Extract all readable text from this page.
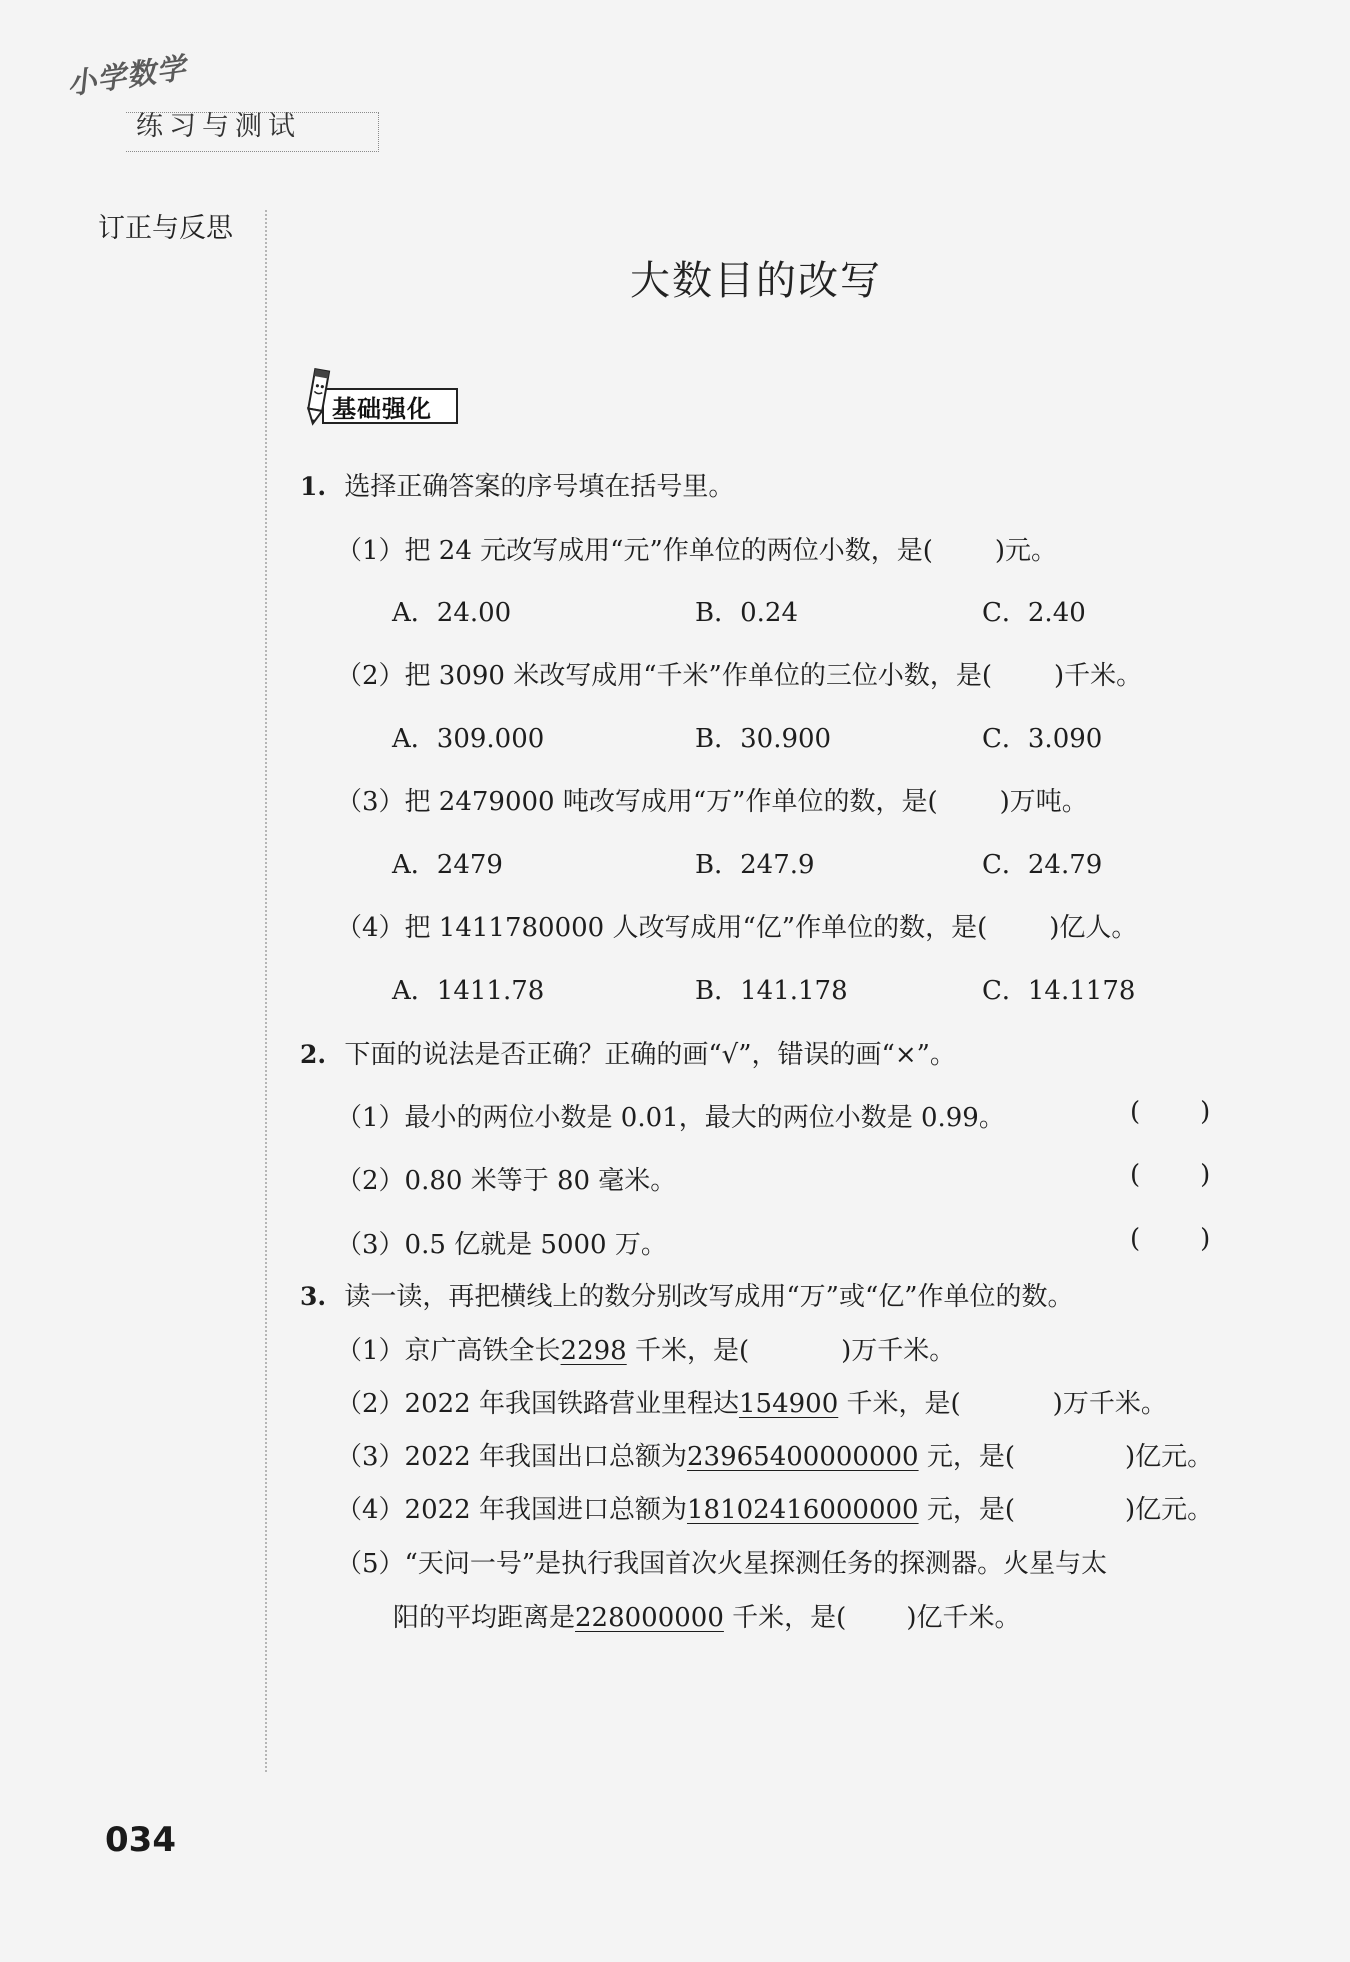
小学数学
练习与测试
订正与反思
大数目的改写
基础强化
1. 选择正确答案的序号填在括号里。
（1）把 24 元改写成用“元”作单位的两位小数，是( )元。
A．24.00	B．0.24	C．2.40
（2）把 3090 米改写成用“千米”作单位的三位小数，是( )千米。
A．309.000	B．30.900	C．3.090
（3）把 2479000 吨改写成用“万”作单位的数，是( )万吨。
A．2479	B．247.9	C．24.79
（4）把 1411780000 人改写成用“亿”作单位的数，是( )亿人。
A．1411.78	B．141.178	C．14.1178
2. 下面的说法是否正确？正确的画“√”，错误的画“×”。
（1）最小的两位小数是 0.01，最大的两位小数是 0.99。	( )
（2）0.80 米等于 80 毫米。	( )
（3）0.5 亿就是 5000 万。	( )
3. 读一读，再把横线上的数分别改写成用“万”或“亿”作单位的数。
（1）京广高铁全长2298 千米，是(	)万千米。
（2）2022 年我国铁路营业里程达154900 千米，是(	)万千米。
（3）2022 年我国出口总额为23965400000000 元，是(	)亿元。
（4）2022 年我国进口总额为18102416000000 元，是(	)亿元。
（5）“天问一号”是执行我国首次火星探测任务的探测器。火星与太
阳的平均距离是228000000 千米，是( )亿千米。
034
